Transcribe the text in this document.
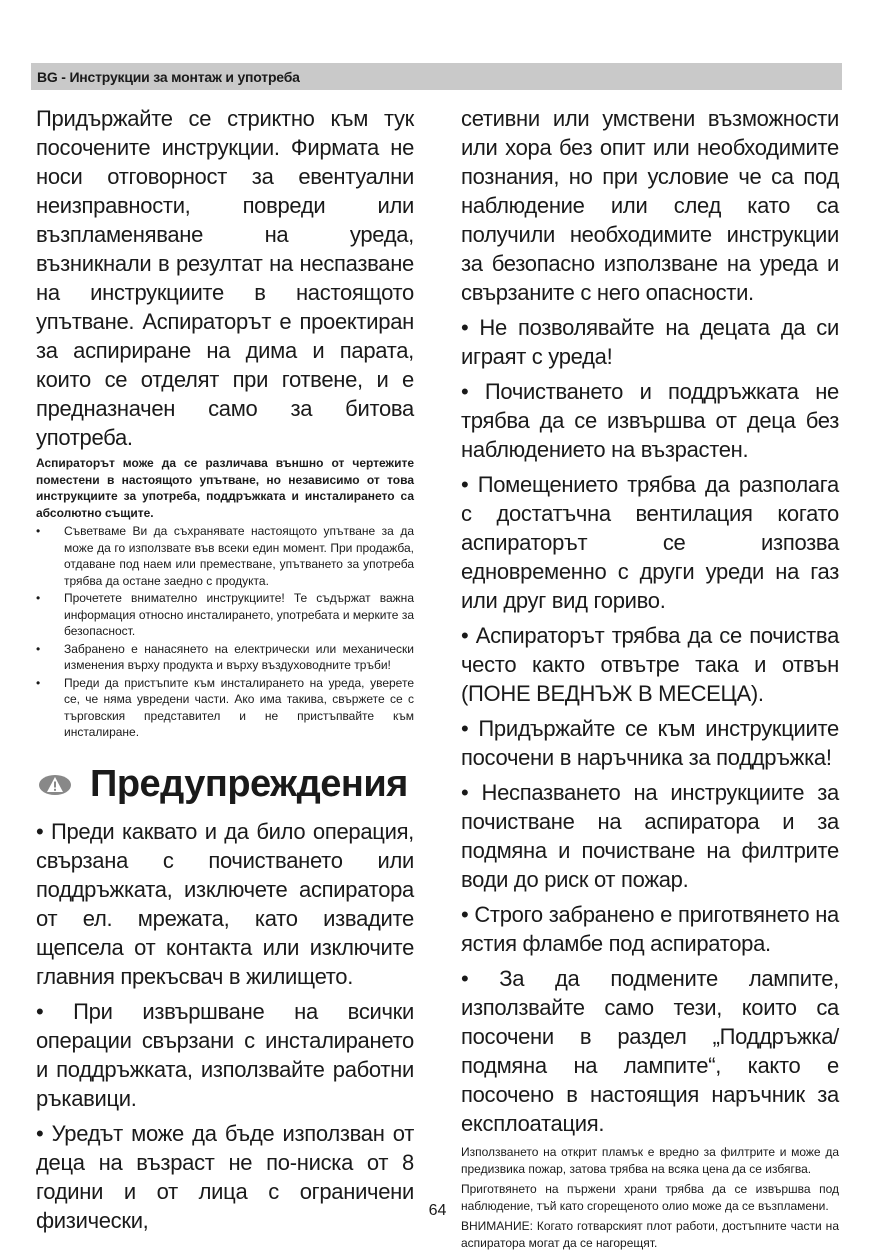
BG - Инструкции за монтаж и употреба

Придържайте се стриктно към тук посочените инструкции. Фирмата не носи отговорност за евентуални неизправности, повреди или възпламеняване на уреда, възникнали в резултат на неспазване на инструкциите в настоящото упътване. Аспираторът е проектиран за аспириране на дима и парата, които се отделят при готвене, и е предназначен само за битова употреба.

Аспираторът може да се различава външно от чертежите поместени в настоящото упътване, но независимо от това инструкциите за употреба, поддръжката и инсталирането са абсолютно същите.

• Съветваме Ви да съхранявате настоящото упътване за да може да го използвате във всеки един момент. При продажба, отдаване под наем или преместване, упътването за употреба трябва да остане заедно с продукта.
• Прочетете внимателно инструкциите! Те съдържат важна информация относно инсталирането, употребата и мерките за безопасност.
• Забранено е нанасянето на електрически или механически изменения върху продукта и върху въздуховодните тръби!
• Преди да пристъпите към инсталирането на уреда, уверете се, че няма увредени части. Ако има такива, свържете се с търговския представител и не пристъпвайте към инсталиране.
Предупреждения

• Преди каквато и да било операция, свързана с почистването или поддръжката, изключете аспиратора от ел. мрежата, като извадите щепсела от контакта или изключите главния прекъсвач в жилището.

• При извършване на всички операции свързани с инсталирането и поддръжката, използвайте работни ръкавици.

• Уредът може да бъде използван от деца на възраст не по-ниска от 8 години и от лица с ограничени физически,

сетивни или умствени възможности или хора без опит или необходимите познания, но при условие че са под наблюдение или след като са получили необходимите инструкции за безопасно използване на уреда и свързаните с него опасности.

• Не позволявайте на децата да си играят с уреда!

• Почистването и поддръжката не трябва да се извършва от деца без наблюдението на възрастен.

• Помещението трябва да разполага с достатъчна вентилация когато аспираторът се изпозва едновременно с други уреди на газ или друг вид гориво.

• Аспираторът трябва да се почиства често както отвътре така и отвън (ПОНЕ ВЕДНЪЖ В МЕСЕЦА).

• Придържайте се към инструкциите посочени в наръчника за поддръжка!

• Неспазването на инструкциите за почистване на аспиратора и за подмяна и почистване на филтрите води до риск от пожар.

• Строго забранено е приготвянето на ястия фламбе под аспиратора.

• За да подмените лампите, използвайте само тези, които са посочени в раздел „Поддръжка/подмяна на лампите“, както е посочено в настоящия наръчник за експлоатация.

Използването на открит пламък е вредно за филтрите и може да предизвика пожар, затова трябва на всяка цена да се избягва.

Приготвянето на пържени храни трябва да се извършва под наблюдение, тъй като сгорещеното олио може да се възпламени.

ВНИМАНИЕ: Когато готварският плот работи, достъпните части на аспиратора могат да се нагорещят.

64
